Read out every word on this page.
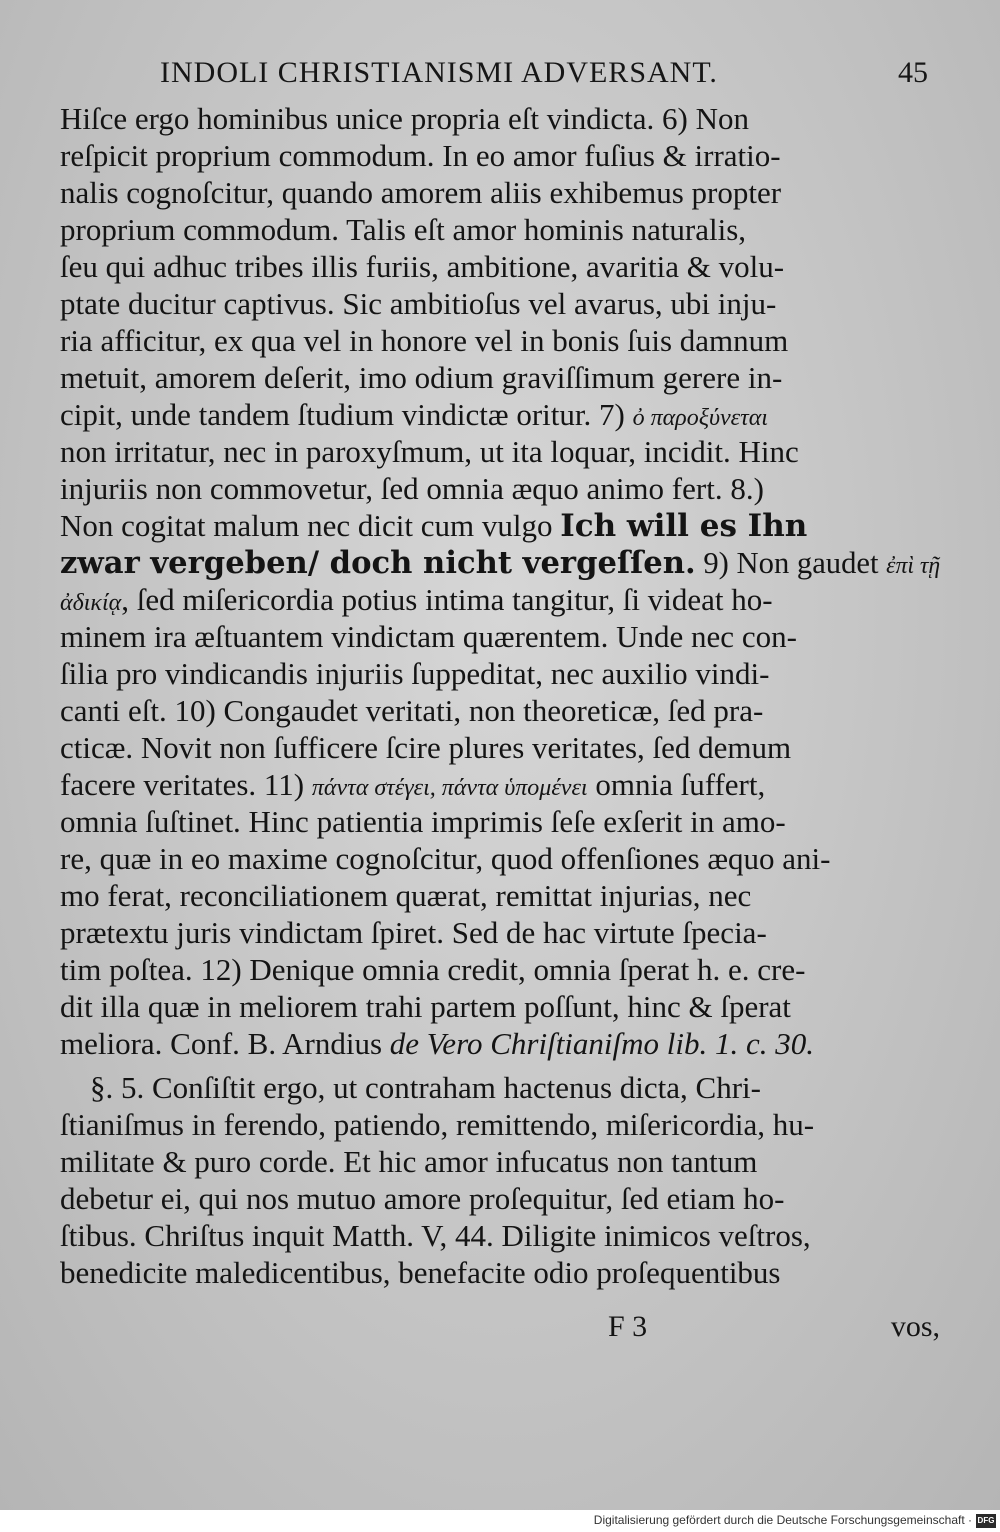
INDOLI CHRISTIANISMI ADVERSANT.	45
Hiſce ergo hominibus unice propria eſt vindicta. 6) Non
reſpicit proprium commodum. In eo amor fuſius & irratio-
nalis cognoſcitur, quando amorem aliis exhibemus propter
proprium commodum. Talis eſt amor hominis naturalis,
ſeu qui adhuc tribes illis furiis, ambitione, avaritia & volu-
ptate ducitur captivus. Sic ambitioſus vel avarus, ubi inju-
ria afficitur, ex qua vel in honore vel in bonis ſuis damnum
metuit, amorem deſerit, imo odium graviſſimum gerere in-
cipit, unde tandem ſtudium vindictæ oritur. 7) ὀ παροξύνεται
non irritatur, nec in paroxyſmum, ut ita loquar, incidit. Hinc
injuriis non commovetur, ſed omnia æquo animo fert. 8.)
Non cogitat malum nec dicit cum vulgo Ich will es Ihn
zwar vergeben/ doch nicht vergeſſen. 9) Non gaudet ἐπὶ τῇ
ἀδικίᾳ, ſed miſericordia potius intima tangitur, ſi videat ho-
minem ira æſtuantem vindictam quærentem. Unde nec con-
ſilia pro vindicandis injuriis ſuppeditat, nec auxilio vindi-
canti eſt. 10) Congaudet veritati, non theoreticæ, ſed pra-
cticæ. Novit non ſufficere ſcire plures veritates, ſed demum
facere veritates. 11) πάντα στέγει, πάντα ὑπομένει omnia ſuffert,
omnia ſuſtinet. Hinc patientia imprimis ſeſe exſerit in amo-
re, quæ in eo maxime cognoſcitur, quod offenſiones æquo ani-
mo ferat, reconciliationem quærat, remittat injurias, nec
prætextu juris vindictam ſpiret. Sed de hac virtute ſpecia-
tim poſtea. 12) Denique omnia credit, omnia ſperat h. e. cre-
dit illa quæ in meliorem trahi partem poſſunt, hinc & ſperat
meliora. Conf. B. Arndius de Vero Chriſtianiſmo lib. 1. c. 30.
§. 5. Conſiſtit ergo, ut contraham hactenus dicta, Chri-
ſtianiſmus in ferendo, patiendo, remittendo, miſericordia, hu-
militate & puro corde. Et hic amor infucatus non tantum
debetur ei, qui nos mutuo amore proſequitur, ſed etiam ho-
ſtibus. Chriſtus inquit Matth. V, 44. Diligite inimicos veſtros,
benedicite maledicentibus, benefacite odio proſequentibus
F 3	vos,
Digitalisierung gefördert durch die Deutsche Forschungsgemeinschaft · DFG
